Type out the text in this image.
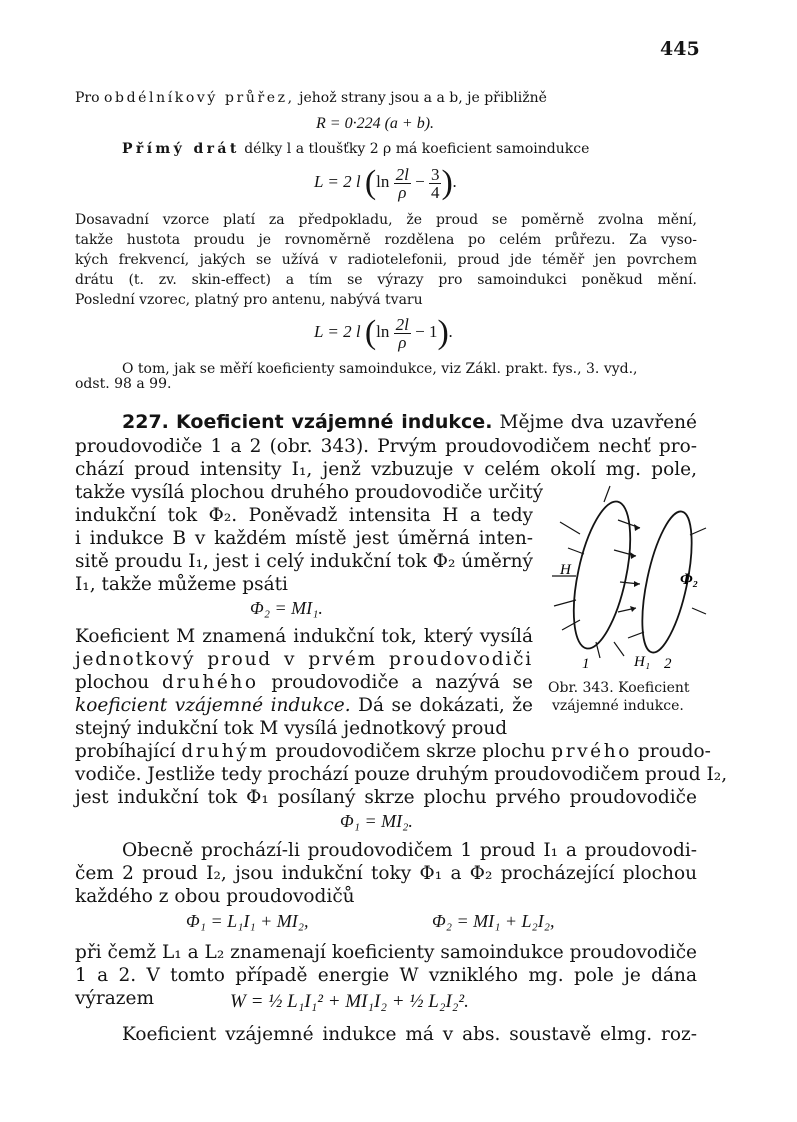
445
Pro obdélníkový průřez, jehož strany jsou a a b, je přibližně
R = 0·224 (a + b).
Přímý drát délky l a tloušťky 2 ρ má koeficient samoindukce
L = 2 l ($\ln \frac{2l}{\rho} - \frac{3}{4}$ ).
Dosavadní vzorce platí za předpokladu, že proud se poměrně zvolna mění,
takže hustota proudu je rovnoměrně rozdělena po celém průřezu. Za vyso-
kých frekvencí, jakých se užívá v radiotelefonii, proud jde téměř jen povrchem
drátu (t. zv. skin-effect) a tím se výrazy pro samoindukci poněkud mění.
Poslední vzorec, platný pro antenu, nabývá tvaru
L = 2 l $(\ln \frac{2l}{\rho} - 1)$.
O tom, jak se měří koeficienty samoindukce, viz Zákl. prakt. fys., 3. vyd.,
odst. 98 a 99.
227. Koeficient vzájemné indukce. Mějme dva uzavřené
proudovodiče 1 a 2 (obr. 343). Prvým proudovodičem nechť pro-
chází proud intensity I₁, jenž vzbuzuje v celém okolí mg. pole,
takže vysílá plochou druhého proudovodiče určitý
indukční tok Φ₂. Poněvadž intensita H a tedy
i indukce B v každém místě jest úměrná inten-
sitě proudu I₁, jest i celý indukční tok Φ₂ úměrný
I₁, takže můžeme psáti
Φ₂ = MI₁.
Koeficient M znamená indukční tok, který vysílá
jednotkový proud v prvém proudovodiči
plochou druhého proudovodiče a nazývá se
koeficient vzájemné indukce. Dá se dokázati, že
stejný indukční tok M vysílá jednotkový proud
probíhající druhým proudovodičem skrze plochu prvého proudo-
vodiče. Jestliže tedy prochází pouze druhým proudovodičem proud I₂,
jest indukční tok Φ₁ posílaný skrze plochu prvého proudovodiče
Φ₁ = MI₂.
Obecně prochází-li proudovodičem 1 proud I₁ a proudovodi-
čem 2 proud I₂, jsou indukční toky Φ₁ a Φ₂ procházející plochou
každého z obou proudovodičů
Φ₁ = L₁I₁ + MI₂,	Φ₂ = MI₁ + L₂I₂,
při čemž L₁ a L₂ znamenají koeficienty samoindukce proudovodiče
1 a 2. V tomto případě energie W vzniklého mg. pole je dána
výrazem	W = ½ L₁I₁² + MI₁I₂ + ½ L₂I₂².
Koeficient vzájemné indukce má v abs. soustavě elmg. roz-
Φ₂
H
H₁
1	2
Obr. 343. Koeficient
vzájemné indukce.
